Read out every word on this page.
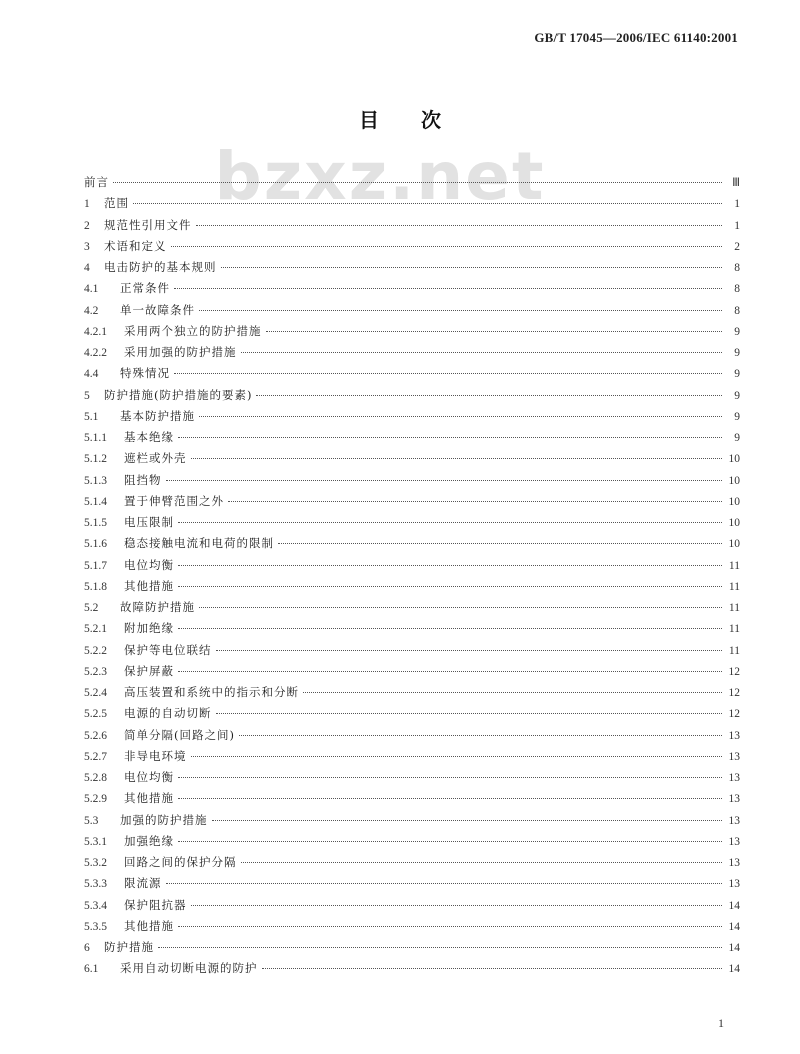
GB/T 17045—2006/IEC 61140:2001
bzxz.net
目次
前言	Ⅲ
1	范围	1
2	规范性引用文件	1
3	术语和定义	2
4	电击防护的基本规则	8
4.1	正常条件	8
4.2	单一故障条件	8
4.2.1	采用两个独立的防护措施	9
4.2.2	采用加强的防护措施	9
4.4	特殊情况	9
5	防护措施(防护措施的要素)	9
5.1	基本防护措施	9
5.1.1	基本绝缘	9
5.1.2	遮栏或外壳	10
5.1.3	阻挡物	10
5.1.4	置于伸臂范围之外	10
5.1.5	电压限制	10
5.1.6	稳态接触电流和电荷的限制	10
5.1.7	电位均衡	11
5.1.8	其他措施	11
5.2	故障防护措施	11
5.2.1	附加绝缘	11
5.2.2	保护等电位联结	11
5.2.3	保护屏蔽	12
5.2.4	高压装置和系统中的指示和分断	12
5.2.5	电源的自动切断	12
5.2.6	简单分隔(回路之间)	13
5.2.7	非导电环境	13
5.2.8	电位均衡	13
5.2.9	其他措施	13
5.3	加强的防护措施	13
5.3.1	加强绝缘	13
5.3.2	回路之间的保护分隔	13
5.3.3	限流源	13
5.3.4	保护阻抗器	14
5.3.5	其他措施	14
6	防护措施	14
6.1	采用自动切断电源的防护	14
1
